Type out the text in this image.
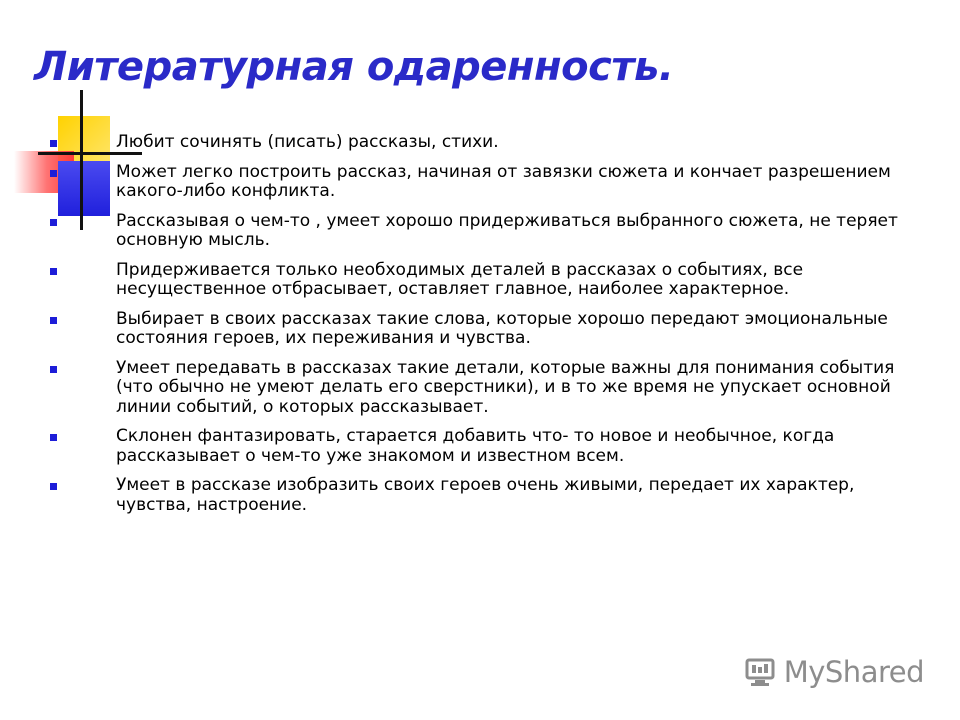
Литературная одаренность.
Любит сочинять (писать) рассказы, стихи.
Может легко построить рассказ, начиная от завязки сюжета и кончает разрешением какого-либо конфликта.
Рассказывая о чем-то , умеет хорошо придерживаться выбранного сюжета, не теряет основную мысль.
Придерживается только необходимых деталей в рассказах о событиях, все несущественное отбрасывает, оставляет главное, наиболее характерное.
Выбирает в своих рассказах такие слова, которые хорошо передают эмоциональные состояния героев, их переживания и чувства.
Умеет передавать в рассказах такие детали, которые важны для понимания события (что обычно не умеют делать его сверстники), и в то же время не упускает основной линии событий, о которых рассказывает.
Склонен фантазировать, старается добавить что- то новое и необычное, когда рассказывает о чем-то уже знакомом и известном всем.
Умеет в рассказе изобразить своих героев очень живыми, передает их характер, чувства, настроение.
MyShared
